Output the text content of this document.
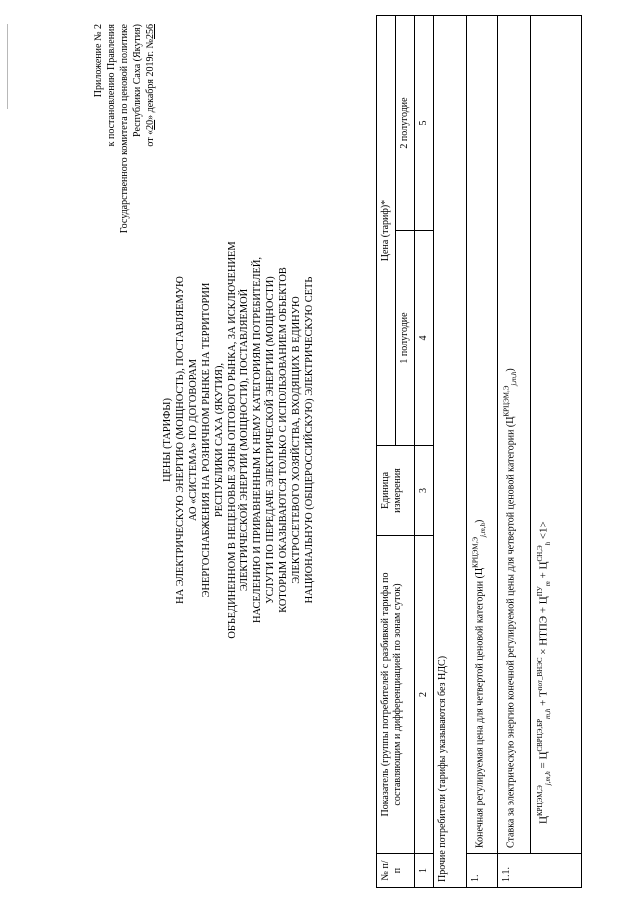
Приложение № 2 к постановлению Правления Государственного комитета по ценовой политике Республики Саха (Якутия)
от «20» декабря 2019г. №256
ЦЕНЫ (ТАРИФЫ) НА ЭЛЕКТРИЧЕСКУЮ ЭНЕРГИЮ (МОЩНОСТЬ), ПОСТАВЛЯЕМУЮ АО «СИСТЕМА» ПО ДОГОВОРАМ ЭНЕРГОСНАБЖЕНИЯ НА РОЗНИЧНОМ РЫНКЕ НА ТЕРРИТОРИИ РЕСПУБЛИКИ САХА (ЯКУТИЯ), ОБЪЕДИНЕННОМ В НЕЦЕНОВЫЕ ЗОНЫ ОПТОВОГО РЫНКА, ЗА ИСКЛЮЧЕНИЕМ ЭЛЕКТРИЧЕСКОЙ ЭНЕРГИИ (МОЩНОСТИ), ПОСТАВЛЯЕМОЙ НАСЕЛЕНИЮ И ПРИРАВНЕННЫМ К НЕМУ КАТЕГОРИЯМ ПОТРЕБИТЕЛЕЙ, УСЛУГИ ПО ПЕРЕДАЧЕ ЭЛЕКТРИЧЕСКОЙ ЭНЕРГИИ (МОЩНОСТИ) КОТОРЫМ ОКАЗЫВАЮТСЯ ТОЛЬКО С ИСПОЛЬЗОВАНИЕМ ОБЪЕКТОВ ЭЛЕКТРОСЕТЕВОГО ХОЗЯЙСТВА, ВХОДЯЩИХ В ЕДИНУЮ НАЦИОНАЛЬНУЮ (ОБЩЕРОССИЙСКУЮ) ЭЛЕКТРИЧЕСКУЮ СЕТЬ
№ п/п	Показатель (группы потребителей с разбивкой тарифа по составляющим и дифференциацией по зонам суток)	Единица измерения	Цена (тариф)*	
			1 полугодие	2 полугодие
1	2	3	4	5
Прочие потребители (тарифы указываются без НДС)				
1.	Конечная регулируемая цена для четвертой ценовой категории $(Ц^{КРЦЭМ,Э}_{j,m,h})$			
1.1.	Ставка за электрическую энергию конечной регулируемой цены для четвертой ценовой категории $(Ц^{КРЦЭМ,Э}_{j,m,h})$			

	$Ц^{КРЦЭМ,Э}_{j,m,h} = Ц^{СВРЦЭ,БР}_{m,h} + Т^{пот\_ВНЭС}$ × НТПЭ + $Ц^{ПУ}_m + Ц^{СН,Э}_h <1>$			
